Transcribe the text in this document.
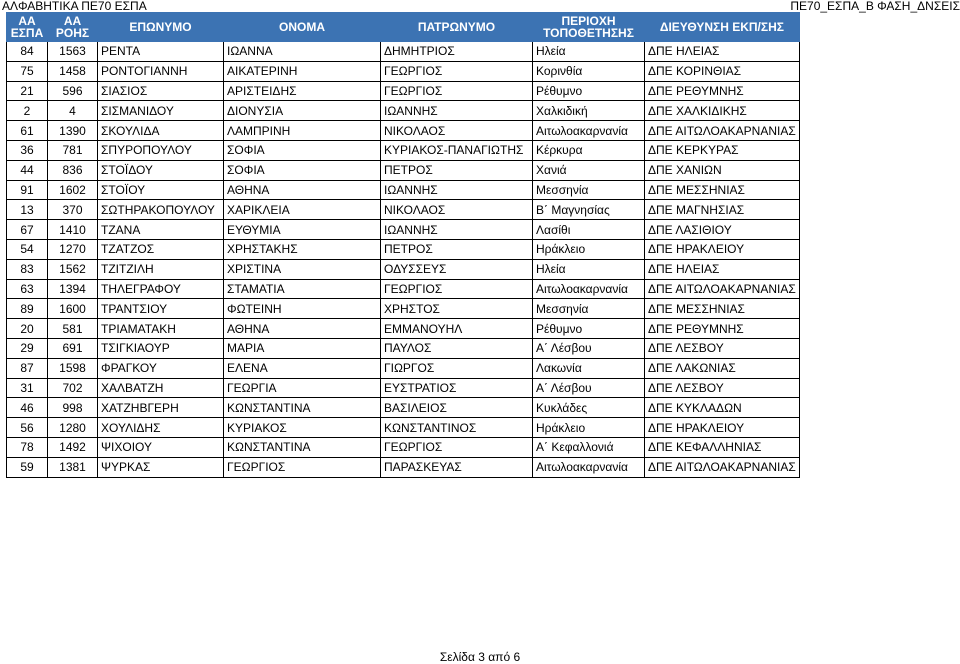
ΑΛΦΑΒΗΤΙΚΑ ΠΕ70 ΕΣΠΑ	ΠΕ70_ΕΣΠΑ_Β ΦΑΣΗ_ΔΝΣΕΙΣ
ΑΑ ΕΣΠΑ	ΑΑ ΡΟΗΣ	ΕΠΩΝΥΜΟ	ΟΝΟΜΑ	ΠΑΤΡΩΝΥΜΟ	ΠΕΡΙΟΧΗ ΤΟΠΟΘΕΤΗΣΗΣ	ΔΙΕΥΘΥΝΣΗ ΕΚΠ/ΣΗΣ
84	1563	ΡΕΝΤΑ	ΙΩΑΝΝΑ	ΔΗΜΗΤΡΙΟΣ	Ηλεία	ΔΠΕ ΗΛΕΙΑΣ
75	1458	ΡΟΝΤΟΓΙΑΝΝΗ	ΑΙΚΑΤΕΡΙΝΗ	ΓΕΩΡΓΙΟΣ	Κορινθία	ΔΠΕ ΚΟΡΙΝΘΙΑΣ
21	596	ΣΙΑΣΙΟΣ	ΑΡΙΣΤΕΙΔΗΣ	ΓΕΩΡΓΙΟΣ	Ρέθυμνο	ΔΠΕ ΡΕΘΥΜΝΗΣ
2	4	ΣΙΣΜΑΝΙΔΟΥ	ΔΙΟΝΥΣΙΑ	ΙΩΑΝΝΗΣ	Χαλκιδική	ΔΠΕ ΧΑΛΚΙΔΙΚΗΣ
61	1390	ΣΚΟΥΛΙΔΑ	ΛΑΜΠΡΙΝΗ	ΝΙΚΟΛΑΟΣ	Αιτωλοακαρνανία	ΔΠΕ ΑΙΤΩΛΟΑΚΑΡΝΑΝΙΑΣ
36	781	ΣΠΥΡΟΠΟΥΛΟΥ	ΣΟΦΙΑ	ΚΥΡΙΑΚΟΣ-ΠΑΝΑΓΙΩΤΗΣ	Κέρκυρα	ΔΠΕ ΚΕΡΚΥΡΑΣ
44	836	ΣΤΟΪΔΟΥ	ΣΟΦΙΑ	ΠΕΤΡΟΣ	Χανιά	ΔΠΕ ΧΑΝΙΩΝ
91	1602	ΣΤΟΪΟΥ	ΑΘΗΝΑ	ΙΩΑΝΝΗΣ	Μεσσηνία	ΔΠΕ ΜΕΣΣΗΝΙΑΣ
13	370	ΣΩΤΗΡΑΚΟΠΟΥΛΟΥ	ΧΑΡΙΚΛΕΙΑ	ΝΙΚΟΛΑΟΣ	Β΄ Μαγνησίας	ΔΠΕ ΜΑΓΝΗΣΙΑΣ
67	1410	ΤΖΑΝΑ	ΕΥΘΥΜΙΑ	ΙΩΑΝΝΗΣ	Λασίθι	ΔΠΕ ΛΑΣΙΘΙΟΥ
54	1270	ΤΖΑΤΖΟΣ	ΧΡΗΣΤΑΚΗΣ	ΠΕΤΡΟΣ	Ηράκλειο	ΔΠΕ ΗΡΑΚΛΕΙΟΥ
83	1562	ΤΖΙΤΖΙΛΗ	ΧΡΙΣΤΙΝΑ	ΟΔΥΣΣΕΥΣ	Ηλεία	ΔΠΕ ΗΛΕΙΑΣ
63	1394	ΤΗΛΕΓΡΑΦΟΥ	ΣΤΑΜΑΤΙΑ	ΓΕΩΡΓΙΟΣ	Αιτωλοακαρνανία	ΔΠΕ ΑΙΤΩΛΟΑΚΑΡΝΑΝΙΑΣ
89	1600	ΤΡΑΝΤΣΙΟΥ	ΦΩΤΕΙΝΗ	ΧΡΗΣΤΟΣ	Μεσσηνία	ΔΠΕ ΜΕΣΣΗΝΙΑΣ
20	581	ΤΡΙΑΜΑΤΑΚΗ	ΑΘΗΝΑ	ΕΜΜΑΝΟΥΗΛ	Ρέθυμνο	ΔΠΕ ΡΕΘΥΜΝΗΣ
29	691	ΤΣΙΓΚΙΑΟΥΡ	ΜΑΡΙΑ	ΠΑΥΛΟΣ	Α΄ Λέσβου	ΔΠΕ ΛΕΣΒΟΥ
87	1598	ΦΡΑΓΚΟΥ	ΕΛΕΝΑ	ΓΙΩΡΓΟΣ	Λακωνία	ΔΠΕ ΛΑΚΩΝΙΑΣ
31	702	ΧΑΛΒΑΤΖΗ	ΓΕΩΡΓΙΑ	ΕΥΣΤΡΑΤΙΟΣ	Α΄ Λέσβου	ΔΠΕ ΛΕΣΒΟΥ
46	998	ΧΑΤΖΗΒΓΕΡΗ	ΚΩΝΣΤΑΝΤΙΝΑ	ΒΑΣΙΛΕΙΟΣ	Κυκλάδες	ΔΠΕ ΚΥΚΛΑΔΩΝ
56	1280	ΧΟΥΛΙΔΗΣ	ΚΥΡΙΑΚΟΣ	ΚΩΝΣΤΑΝΤΙΝΟΣ	Ηράκλειο	ΔΠΕ ΗΡΑΚΛΕΙΟΥ
78	1492	ΨΙΧΟΙΟΥ	ΚΩΝΣΤΑΝΤΙΝΑ	ΓΕΩΡΓΙΟΣ	Α΄ Κεφαλλονιά	ΔΠΕ ΚΕΦΑΛΛΗΝΙΑΣ
59	1381	ΨΥΡΚΑΣ	ΓΕΩΡΓΙΟΣ	ΠΑΡΑΣΚΕΥΑΣ	Αιτωλοακαρνανία	ΔΠΕ ΑΙΤΩΛΟΑΚΑΡΝΑΝΙΑΣ
Σελίδα 3 από 6
